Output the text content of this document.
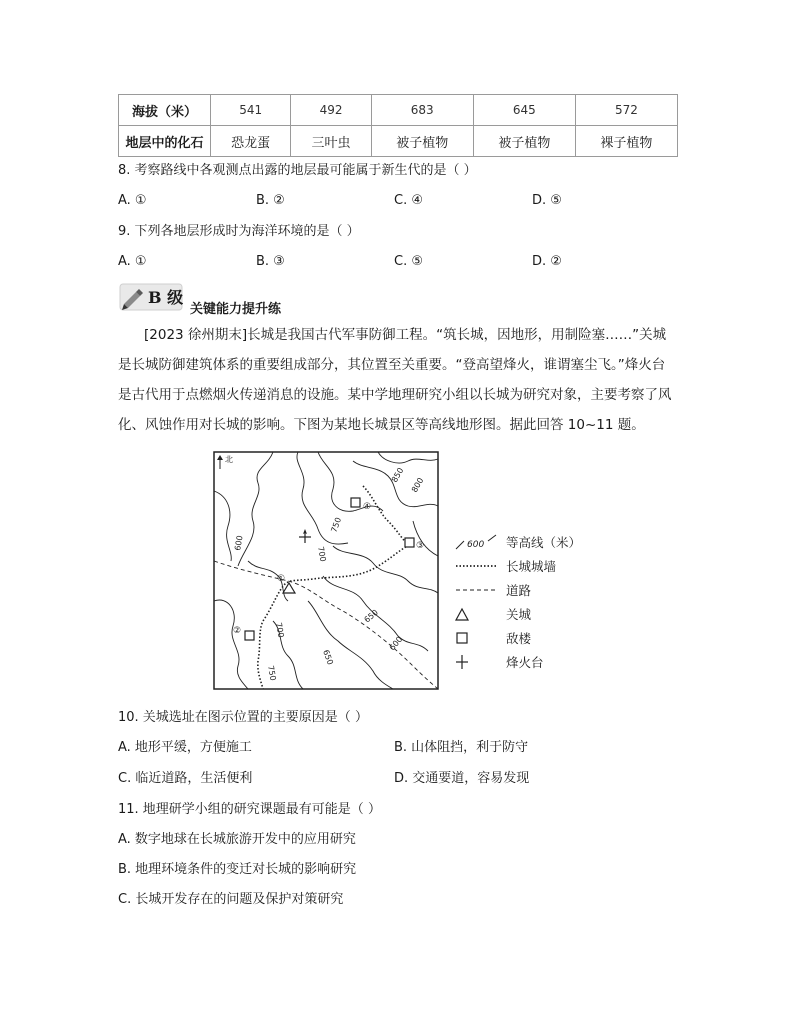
海拔（米）	541	492	683	645	572
地层中的化石	恐龙蛋	三叶虫	被子植物	被子植物	裸子植物
8. 考察路线中各观测点出露的地层最可能属于新生代的是（ ）
A. ①	B. ②	C. ④	D. ⑤
9. 下列各地层形成时为海洋环境的是（ ）
A. ①	B. ③	C. ⑤	D. ②
B 级
关键能力提升练

[2023 徐州期末]长城是我国古代军事防御工程。“筑长城，因地形，用制险塞……”关城是长城防御建筑体系的重要组成部分，其位置至关重要。“登高望烽火，谁谓塞尘飞。”烽火台是古代用于点燃烟火传递消息的设施。某中学地理研究小组以长城为研究对象，主要考察了风化、风蚀作用对长城的影响。下图为某地长城景区等高线地形图。据此回答 10~11 题。

北
850
800
750
700
600
650
600
700
650
750
①
②
③
④
600 等高线（米）
长城城墙
道路
关城
敌楼
烽火台
10. 关城选址在图示位置的主要原因是（ ）
A. 地形平缓，方便施工	B. 山体阻挡，利于防守
C. 临近道路，生活便利	D. 交通要道，容易发现
11. 地理研学小组的研究课题最有可能是（ ）
A. 数字地球在长城旅游开发中的应用研究
B. 地理环境条件的变迁对长城的影响研究
C. 长城开发存在的问题及保护对策研究
